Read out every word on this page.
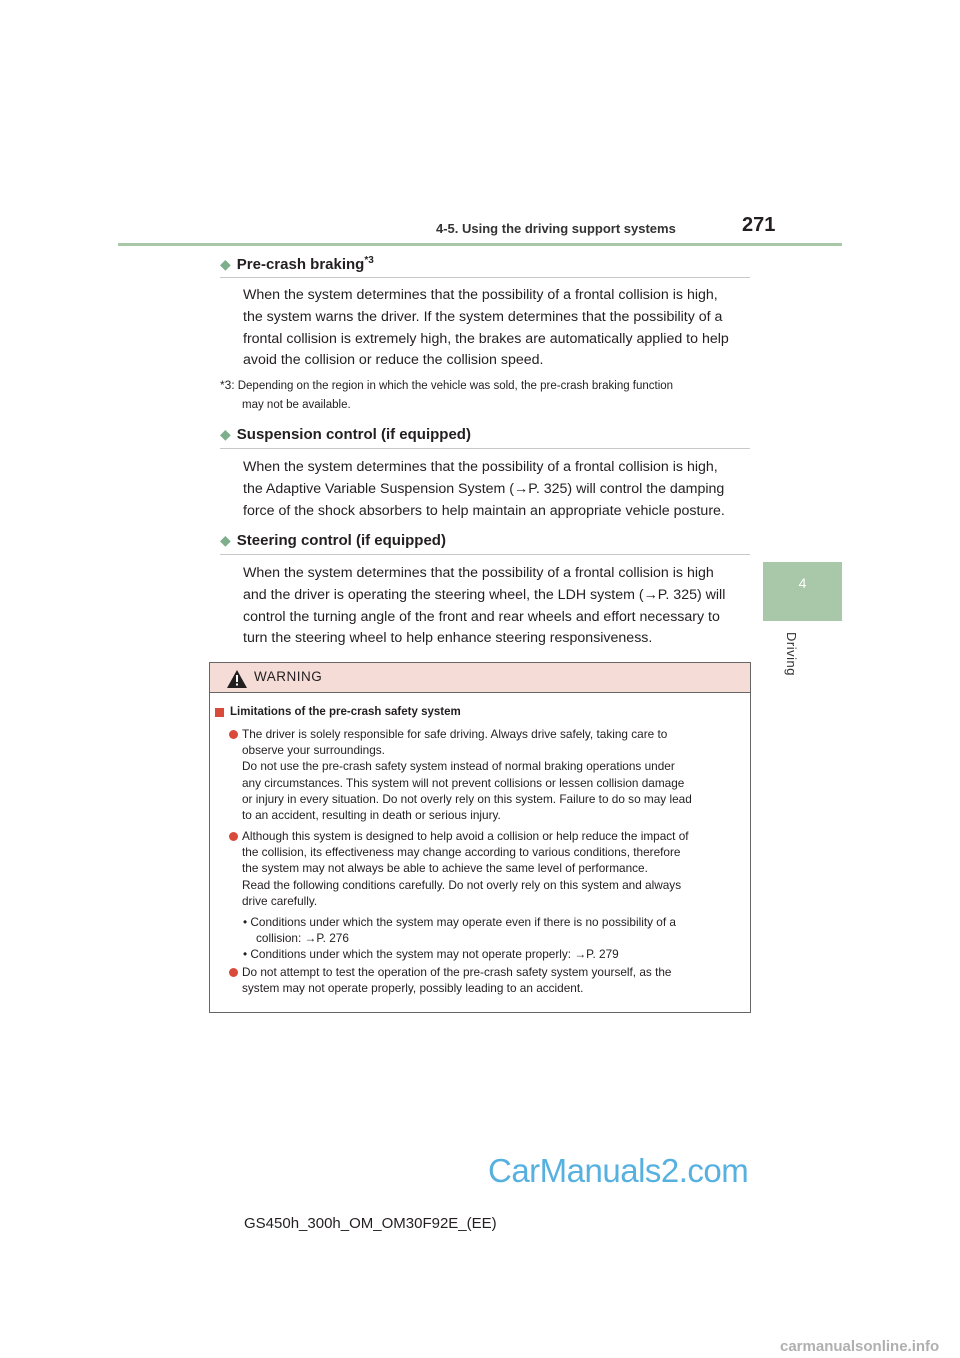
4-5. Using the driving support systems	271
4
Driving
◆ Pre-crash braking$^{*3}$
When the system determines that the possibility of a frontal collision is high,
the system warns the driver. If the system determines that the possibility of a
frontal collision is extremely high, the brakes are automatically applied to help
avoid the collision or reduce the collision speed.
*3: Depending on the region in which the vehicle was sold, the pre-crash braking function
may not be available.
◆ Suspension control (if equipped)
When the system determines that the possibility of a frontal collision is high,
the Adaptive Variable Suspension System (→P. 325) will control the damping
force of the shock absorbers to help maintain an appropriate vehicle posture.
◆ Steering control (if equipped)
When the system determines that the possibility of a frontal collision is high
and the driver is operating the steering wheel, the LDH system (→P. 325) will
control the turning angle of the front and rear wheels and effort necessary to
turn the steering wheel to help enhance steering responsiveness.
WARNING
Limitations of the pre-crash safety system
The driver is solely responsible for safe driving. Always drive safely, taking care to
observe your surroundings.
Do not use the pre-crash safety system instead of normal braking operations under
any circumstances. This system will not prevent collisions or lessen collision damage
or injury in every situation. Do not overly rely on this system. Failure to do so may lead
to an accident, resulting in death or serious injury.
Although this system is designed to help avoid a collision or help reduce the impact of
the collision, its effectiveness may change according to various conditions, therefore
the system may not always be able to achieve the same level of performance.
Read the following conditions carefully. Do not overly rely on this system and always
drive carefully.
• Conditions under which the system may operate even if there is no possibility of a
collision: →P. 276
• Conditions under which the system may not operate properly: →P. 279
Do not attempt to test the operation of the pre-crash safety system yourself, as the
system may not operate properly, possibly leading to an accident.
CarManuals2.com
GS450h_300h_OM_OM30F92E_(EE)
carmanualsonline.info
